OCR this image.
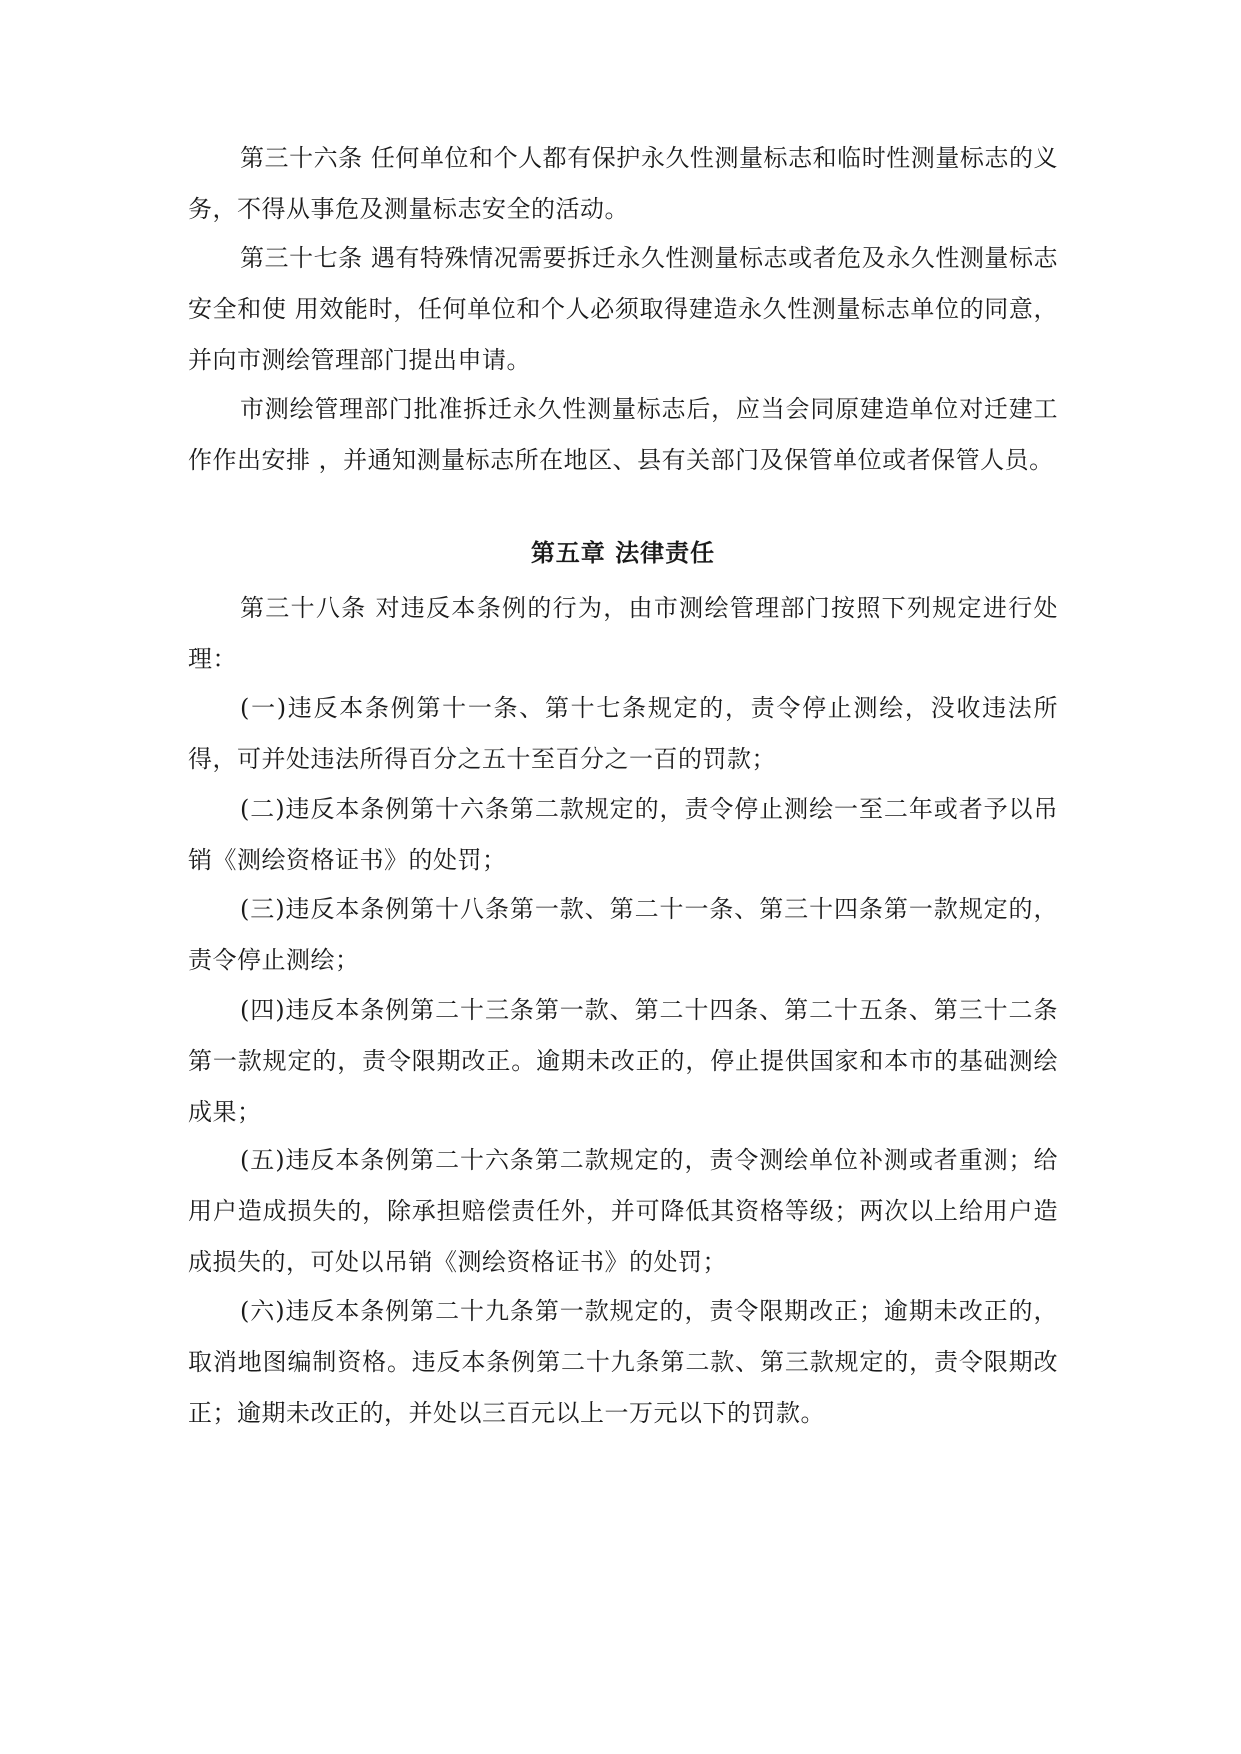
第三十六条 任何单位和个人都有保护永久性测量标志和临时性测量标志的义务，不得从事危及测量标志安全的活动。

第三十七条 遇有特殊情况需要拆迁永久性测量标志或者危及永久性测量标志安全和使 用效能时，任何单位和个人必须取得建造永久性测量标志单位的同意，并向市测绘管理部门提出申请。

市测绘管理部门批准拆迁永久性测量标志后，应当会同原建造单位对迁建工作作出安排 ，并通知测量标志所在地区、县有关部门及保管单位或者保管人员。

第五章 法律责任

第三十八条 对违反本条例的行为，由市测绘管理部门按照下列规定进行处理：

(一)违反本条例第十一条、第十七条规定的，责令停止测绘，没收违法所得，可并处违法所得百分之五十至百分之一百的罚款；

(二)违反本条例第十六条第二款规定的，责令停止测绘一至二年或者予以吊销《测绘资格证书》的处罚；

(三)违反本条例第十八条第一款、第二十一条、第三十四条第一款规定的，责令停止测绘；

(四)违反本条例第二十三条第一款、第二十四条、第二十五条、第三十二条第一款规定的，责令限期改正。逾期未改正的，停止提供国家和本市的基础测绘成果；

(五)违反本条例第二十六条第二款规定的，责令测绘单位补测或者重测；给用户造成损失的，除承担赔偿责任外，并可降低其资格等级；两次以上给用户造成损失的，可处以吊销《测绘资格证书》的处罚；

(六)违反本条例第二十九条第一款规定的，责令限期改正；逾期未改正的，取消地图编制资格。违反本条例第二十九条第二款、第三款规定的，责令限期改正；逾期未改正的，并处以三百元以上一万元以下的罚款。
